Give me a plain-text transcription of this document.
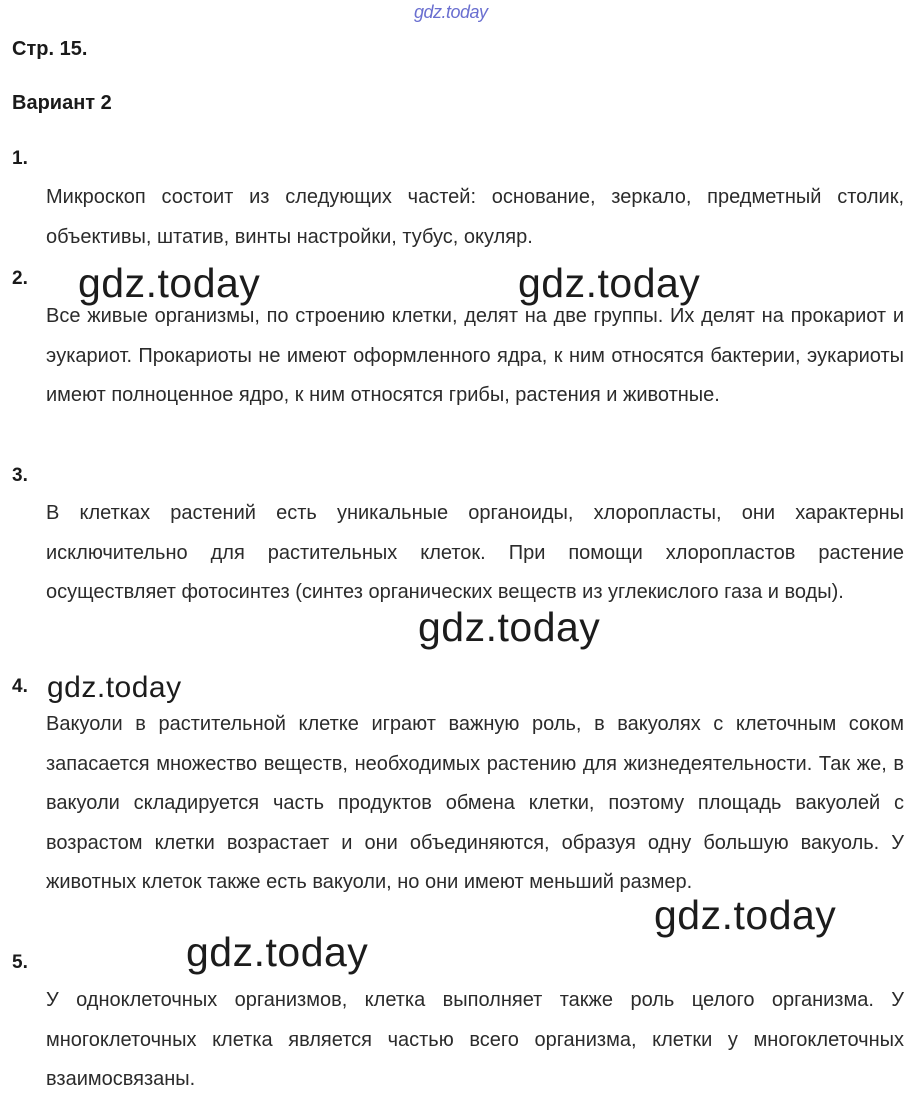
gdz.today
Стр. 15.
Вариант 2
1.

Микроскоп состоит из следующих частей: основание, зеркало, предметный столик, объективы, штатив, винты настройки, тубус, окуляр.

2.

Все живые организмы, по строению клетки, делят на две группы. Их делят на прокариот и эукариот. Прокариоты не имеют оформленного ядра, к ним относятся бактерии, эукариоты имеют полноценное ядро, к ним относятся грибы, растения и животные.

3.

В клетках растений есть уникальные органоиды, хлоропласты, они характерны исключительно для растительных клеток. При помощи хлоропластов растение осуществляет фотосинтез (синтез органических веществ из углекислого газа и воды).

4.

Вакуоли в растительной клетке играют важную роль, в вакуолях с клеточным соком запасается множество веществ, необходимых растению для жизнедеятельности. Так же, в вакуоли складируется часть продуктов обмена клетки, поэтому площадь вакуолей с возрастом клетки возрастает и они объединяются, образуя одну большую вакуоль. У животных клеток также есть вакуоли, но они имеют меньший размер.

5.

У одноклеточных организмов, клетка выполняет также роль целого организма. У многоклеточных клетка является частью всего организма, клетки у многоклеточных взаимосвязаны.

gdz.today	gdz.today
gdz.today
gdz.today
gdz.today
gdz.today
